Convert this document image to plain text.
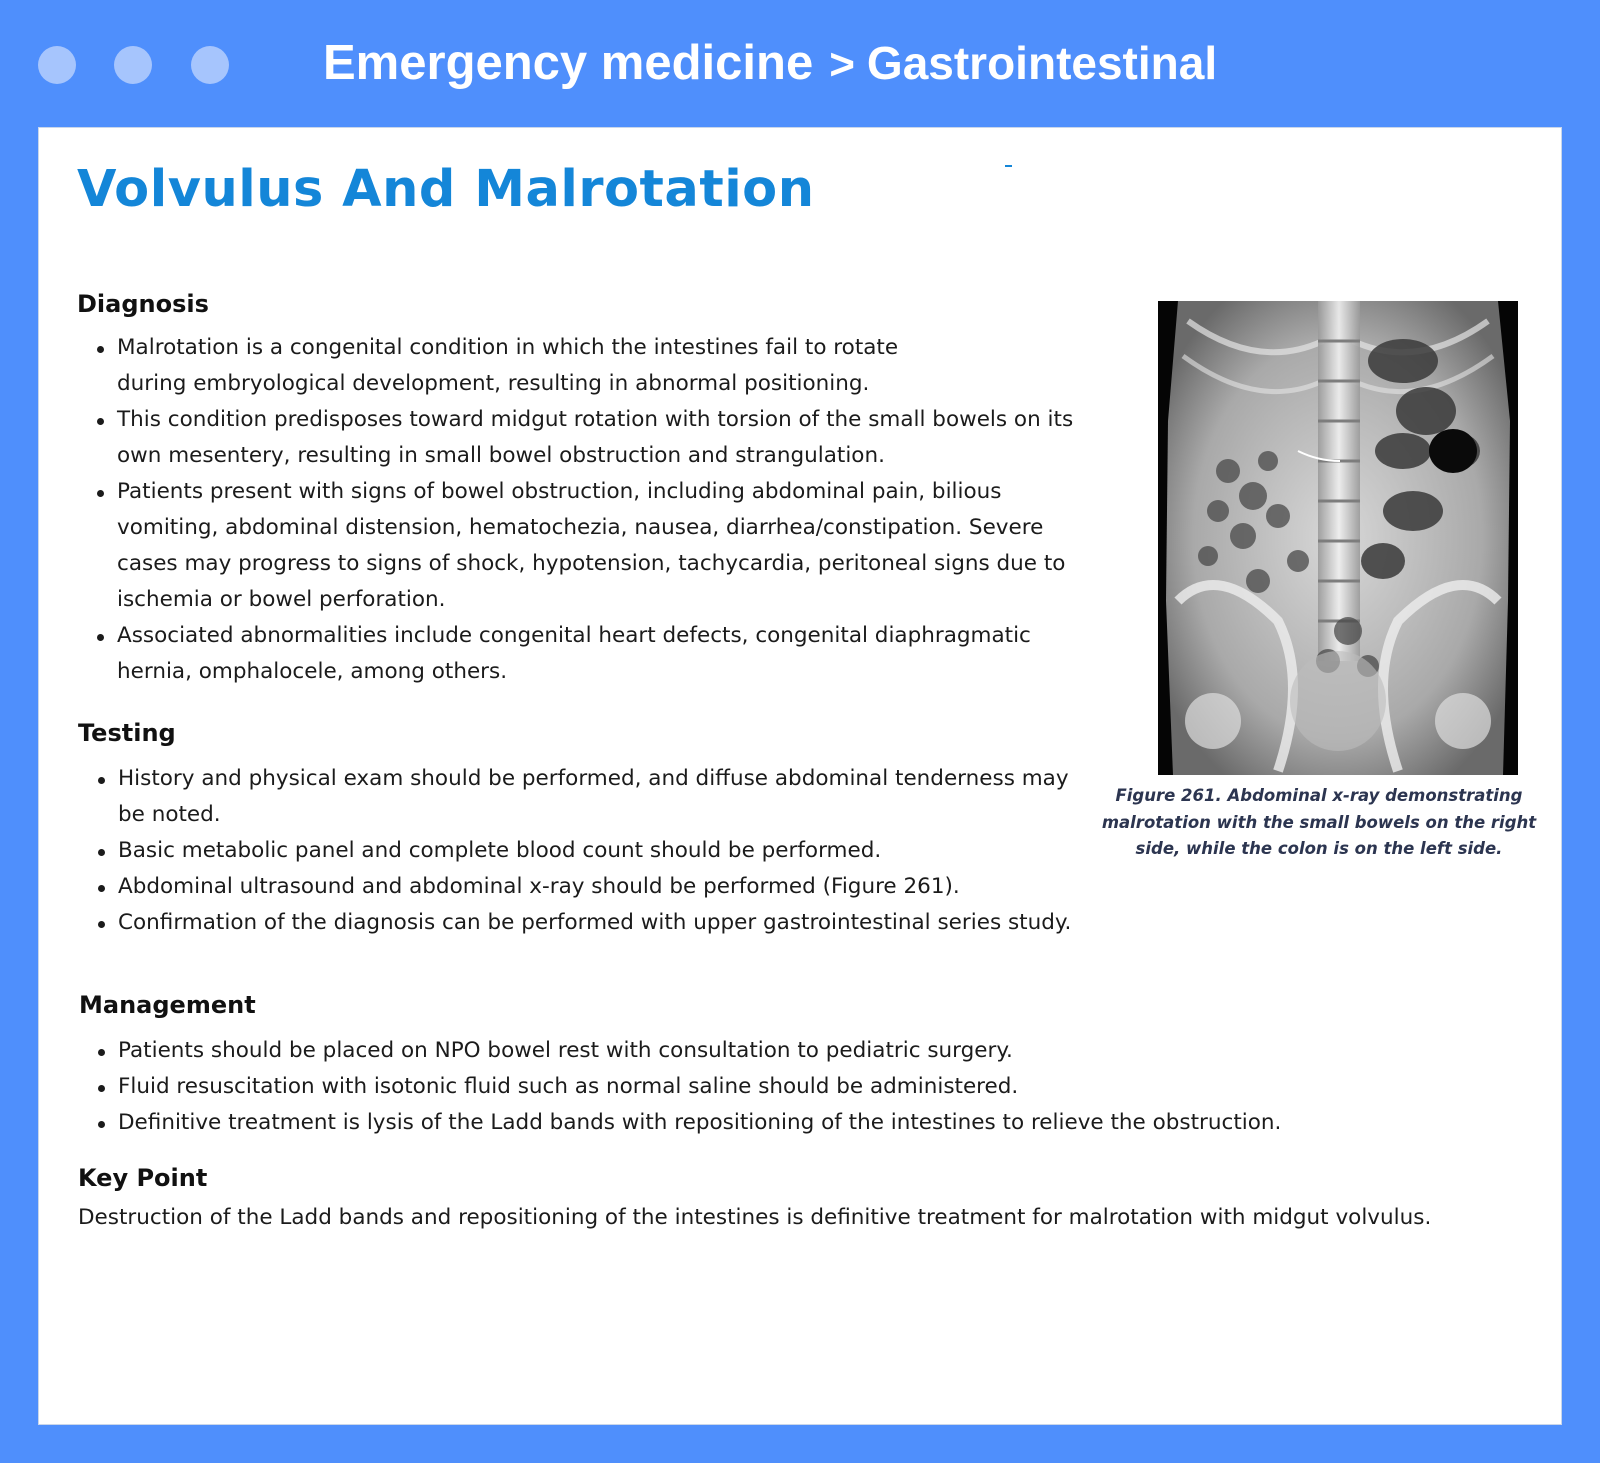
Emergency medicine > Gastrointestinal
Volvulus And Malrotation
Diagnosis
Malrotation is a congenital condition in which the intestines fail to rotate during embryological development, resulting in abnormal positioning.
This condition predisposes toward midgut rotation with torsion of the small bowels on its own mesentery, resulting in small bowel obstruction and strangulation.
Patients present with signs of bowel obstruction, including abdominal pain, bilious vomiting, abdominal distension, hematochezia, nausea, diarrhea/constipation. Severe cases may progress to signs of shock, hypotension, tachycardia, peritoneal signs due to ischemia or bowel perforation.
Associated abnormalities include congenital heart defects, congenital diaphragmatic hernia, omphalocele, among others.
Testing
History and physical exam should be performed, and diffuse abdominal tenderness may be noted.
Basic metabolic panel and complete blood count should be performed.
Abdominal ultrasound and abdominal x-ray should be performed (Figure 261).
Confirmation of the diagnosis can be performed with upper gastrointestinal series study.
Management
Patients should be placed on NPO bowel rest with consultation to pediatric surgery.
Fluid resuscitation with isotonic fluid such as normal saline should be administered.
Definitive treatment is lysis of the Ladd bands with repositioning of the intestines to relieve the obstruction.
Key Point

Destruction of the Ladd bands and repositioning of the intestines is definitive treatment for malrotation with midgut volvulus.

Figure 261. Abdominal x-ray demonstrating malrotation with the small bowels on the right side, while the colon is on the left side.
